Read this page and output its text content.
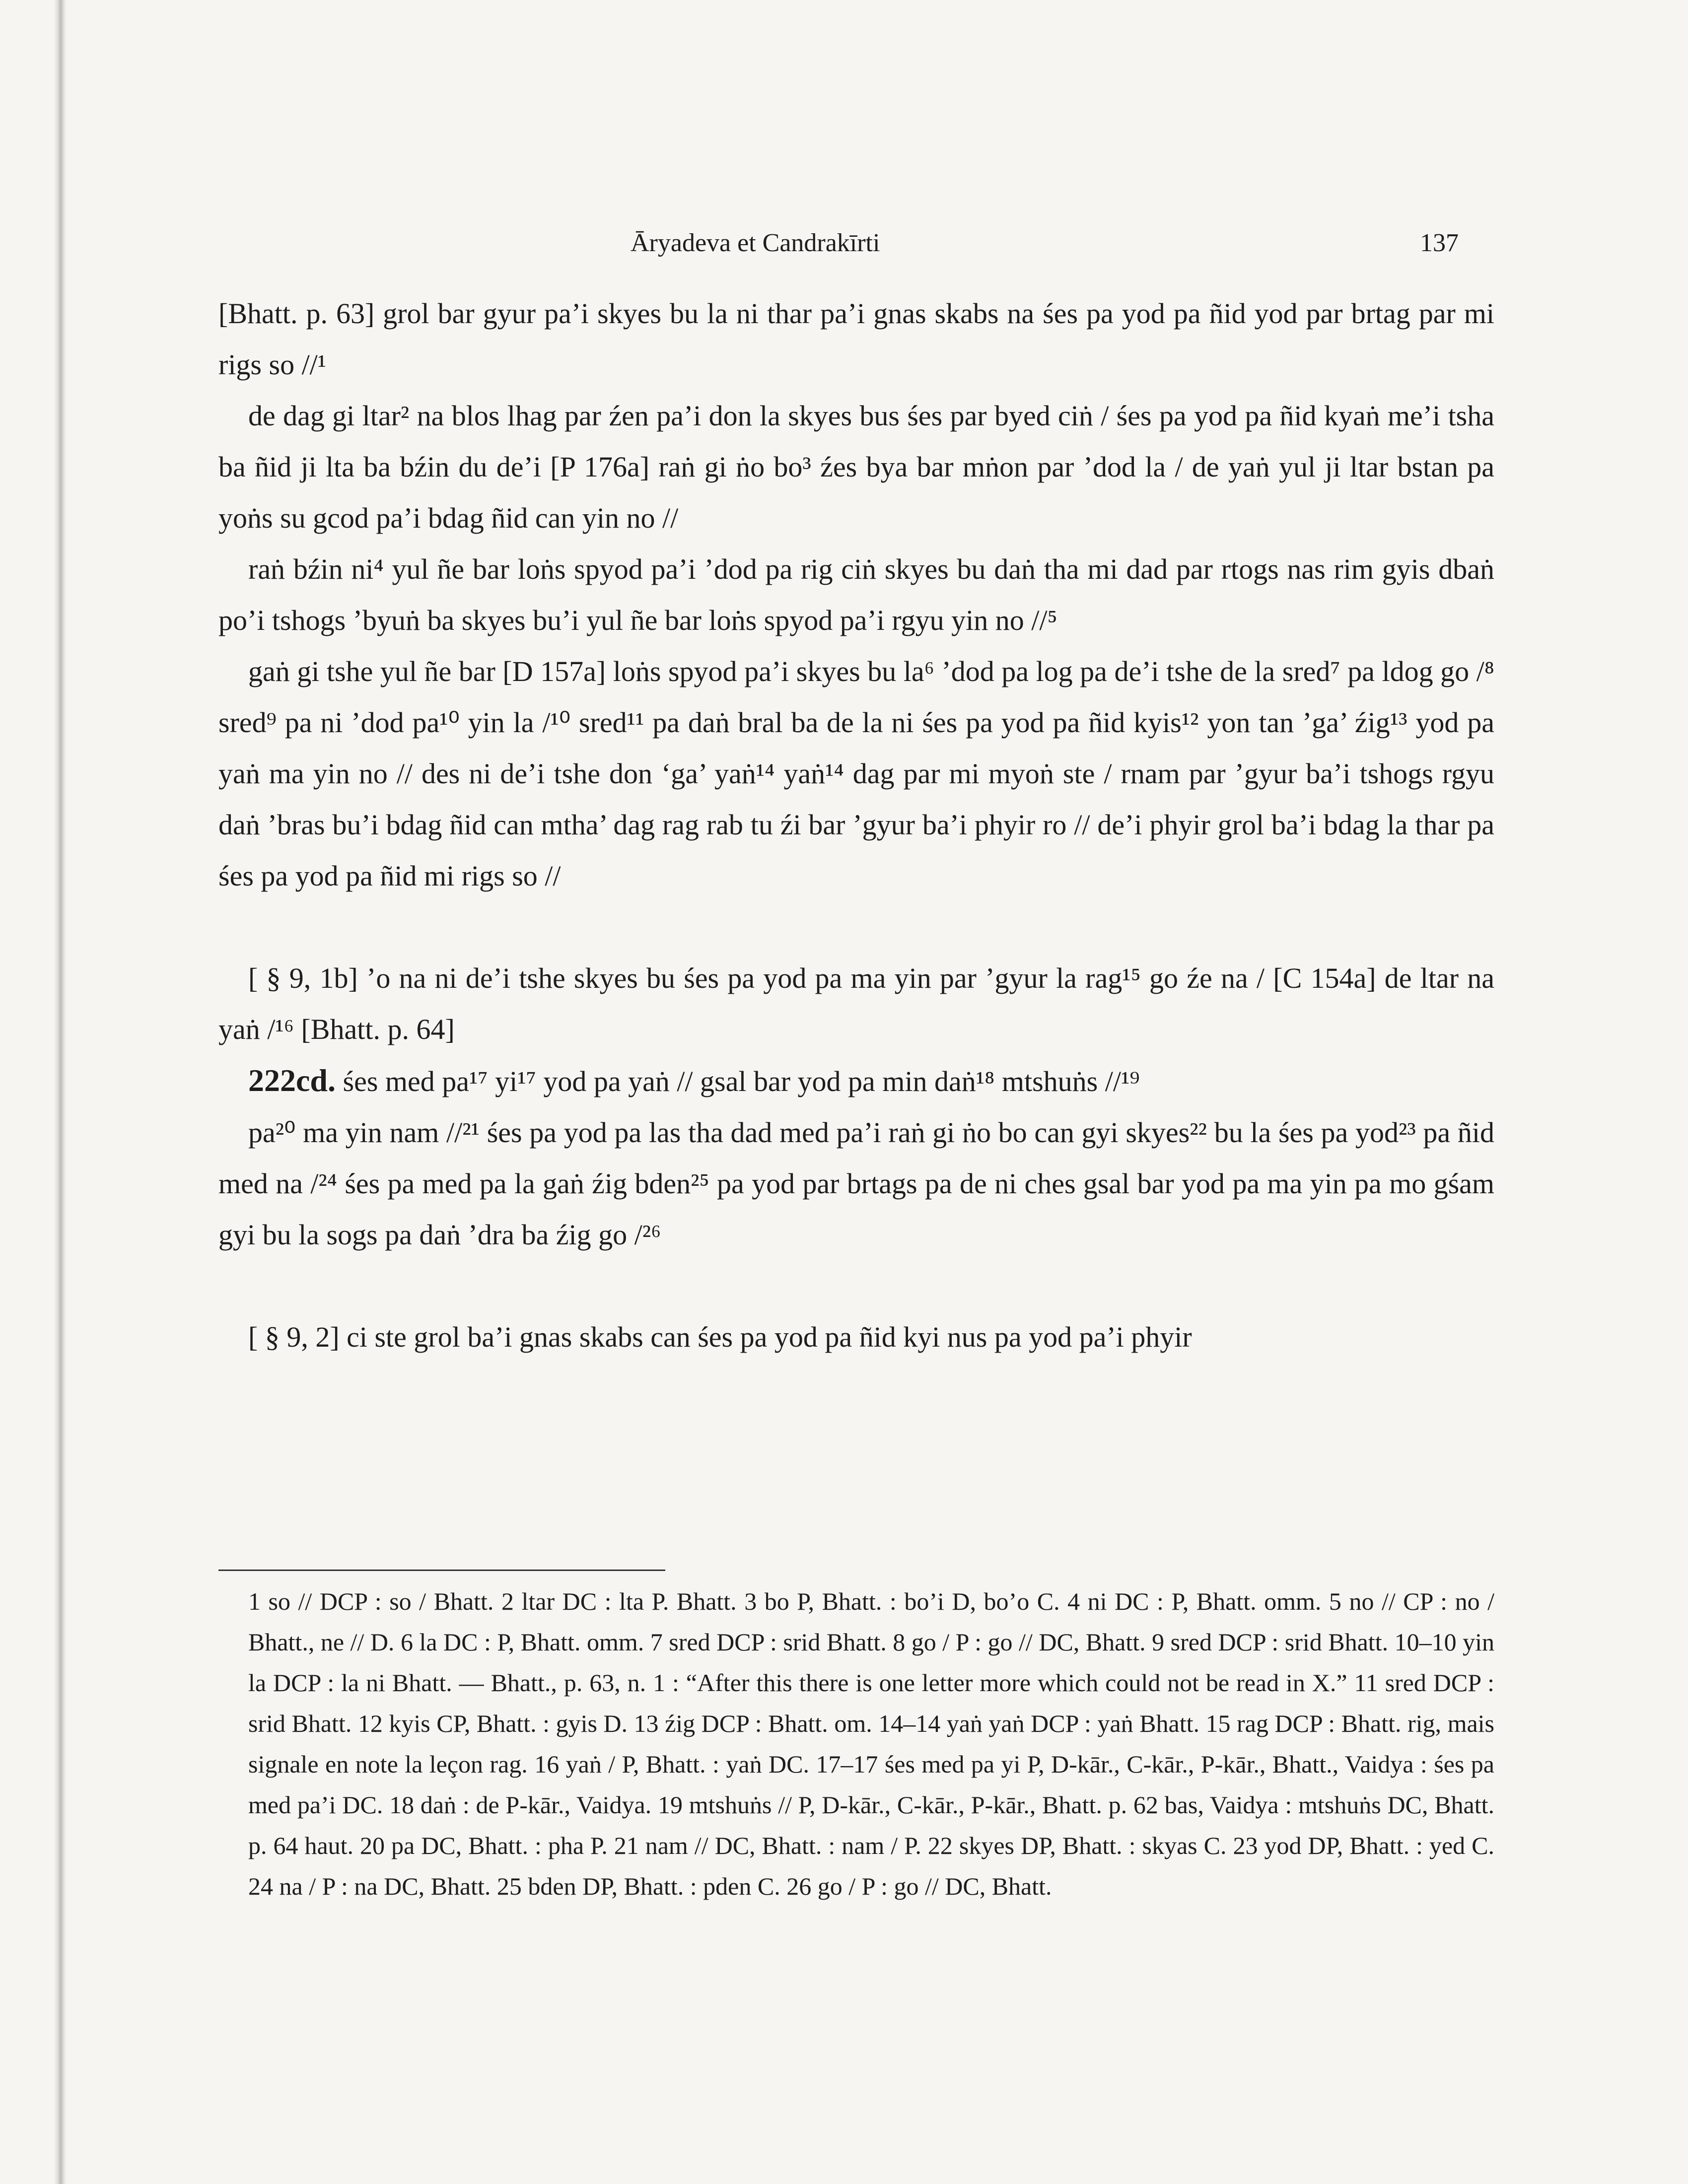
Āryadeva et Candrakīrti	137

[Bhatt. p. 63] grol bar gyur pa’i skyes bu la ni thar pa’i gnas skabs na śes pa yod pa ñid yod par brtag par mi rigs so //¹

de dag gi ltar² na blos lhag par źen pa’i don la skyes bus śes par byed ciṅ / śes pa yod pa ñid kyaṅ me’i tsha ba ñid ji lta ba bźin du de’i [P 176a] raṅ gi ṅo bo³ źes bya bar mṅon par ’dod la / de yaṅ yul ji ltar bstan pa yoṅs su gcod pa’i bdag ñid can yin no //

raṅ bźin ni⁴ yul ñe bar loṅs spyod pa’i ’dod pa rig ciṅ skyes bu daṅ tha mi dad par rtogs nas rim gyis dbaṅ po’i tshogs ’byuṅ ba skyes bu’i yul ñe bar loṅs spyod pa’i rgyu yin no //⁵

gaṅ gi tshe yul ñe bar [D 157a] loṅs spyod pa’i skyes bu la⁶ ’dod pa log pa de’i tshe de la sred⁷ pa ldog go /⁸ sred⁹ pa ni ’dod pa¹⁰ yin la /¹⁰ sred¹¹ pa daṅ bral ba de la ni śes pa yod pa ñid kyis¹² yon tan ’ga’ źig¹³ yod pa yaṅ ma yin no // des ni de’i tshe don ‘ga’ yaṅ¹⁴ yaṅ¹⁴ dag par mi myoṅ ste / rnam par ’gyur ba’i tshogs rgyu daṅ ’bras bu’i bdag ñid can mtha’ dag rag rab tu źi bar ’gyur ba’i phyir ro // de’i phyir grol ba’i bdag la thar pa śes pa yod pa ñid mi rigs so //

[ § 9, 1b] ’o na ni de’i tshe skyes bu śes pa yod pa ma yin par ’gyur la rag¹⁵ go źe na / [C 154a] de ltar na yaṅ /¹⁶ [Bhatt. p. 64]

222cd. śes med pa¹⁷ yi¹⁷ yod pa yaṅ // gsal bar yod pa min daṅ¹⁸ mtshuṅs //¹⁹

pa²⁰ ma yin nam //²¹ śes pa yod pa las tha dad med pa’i raṅ gi ṅo bo can gyi skyes²² bu la śes pa yod²³ pa ñid med na /²⁴ śes pa med pa la gaṅ źig bden²⁵ pa yod par brtags pa de ni ches gsal bar yod pa ma yin pa mo gśam gyi bu la sogs pa daṅ ’dra ba źig go /²⁶

[ § 9, 2] ci ste grol ba’i gnas skabs can śes pa yod pa ñid kyi nus pa yod pa’i phyir

1 so // DCP : so / Bhatt. 2 ltar DC : lta P. Bhatt. 3 bo P, Bhatt. : bo’i D, bo’o C. 4 ni DC : P, Bhatt. omm. 5 no // CP : no / Bhatt., ne // D. 6 la DC : P, Bhatt. omm. 7 sred DCP : srid Bhatt. 8 go / P : go // DC, Bhatt. 9 sred DCP : srid Bhatt. 10–10 yin la DCP : la ni Bhatt. — Bhatt., p. 63, n. 1 : “After this there is one letter more which could not be read in X.” 11 sred DCP : srid Bhatt. 12 kyis CP, Bhatt. : gyis D. 13 źig DCP : Bhatt. om. 14–14 yaṅ yaṅ DCP : yaṅ Bhatt. 15 rag DCP : Bhatt. rig, mais signale en note la leçon rag. 16 yaṅ / P, Bhatt. : yaṅ DC. 17–17 śes med pa yi P, D-kār., C-kār., P-kār., Bhatt., Vaidya : śes pa med pa’i DC. 18 daṅ : de P-kār., Vaidya. 19 mtshuṅs // P, D-kār., C-kār., P-kār., Bhatt. p. 62 bas, Vaidya : mtshuṅs DC, Bhatt. p. 64 haut. 20 pa DC, Bhatt. : pha P. 21 nam // DC, Bhatt. : nam / P. 22 skyes DP, Bhatt. : skyas C. 23 yod DP, Bhatt. : yed C. 24 na / P : na DC, Bhatt. 25 bden DP, Bhatt. : pden C. 26 go / P : go // DC, Bhatt.
